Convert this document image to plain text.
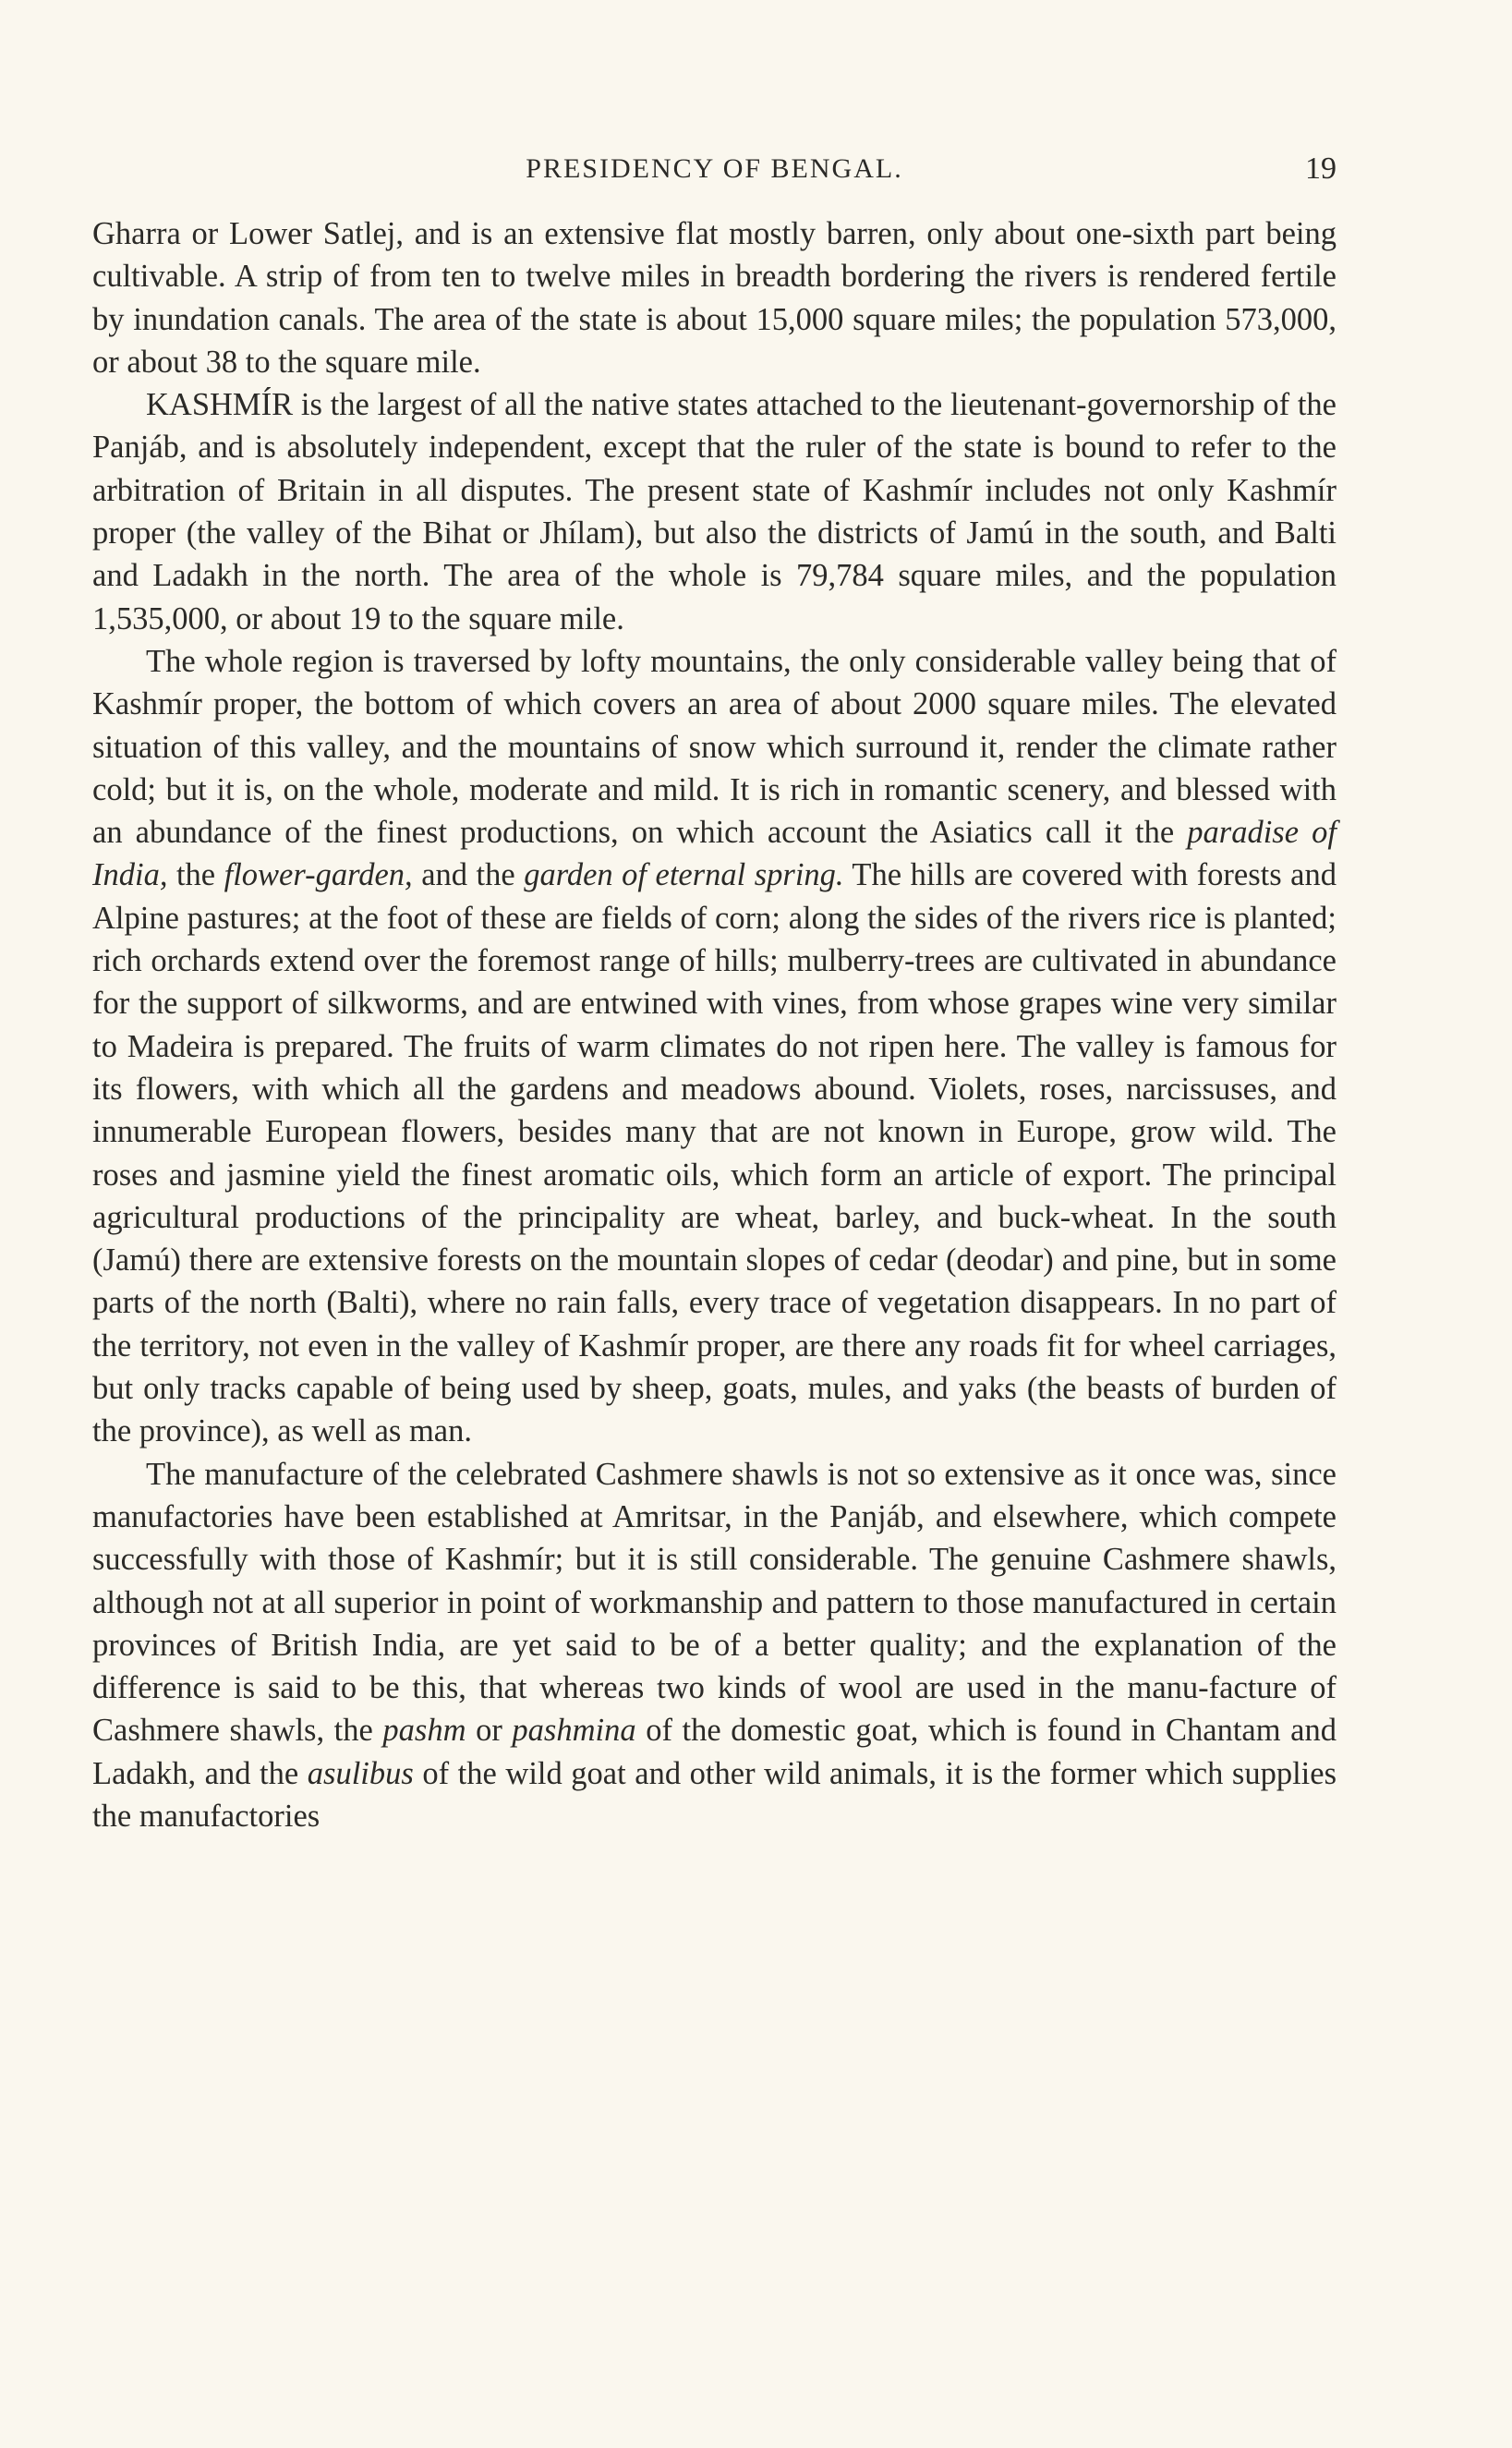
PRESIDENCY OF BENGAL.	19

Gharra or Lower Satlej, and is an extensive flat mostly barren, only about one-sixth part being cultivable. A strip of from ten to twelve miles in breadth bordering the rivers is rendered fertile by inundation canals. The area of the state is about 15,000 square miles; the population 573,000, or about 38 to the square mile.

KASHMÍR is the largest of all the native states attached to the lieutenant-governorship of the Panjáb, and is absolutely independent, except that the ruler of the state is bound to refer to the arbitration of Britain in all disputes. The present state of Kashmír includes not only Kashmír proper (the valley of the Bihat or Jhílam), but also the districts of Jamú in the south, and Balti and Ladakh in the north. The area of the whole is 79,784 square miles, and the population 1,535,000, or about 19 to the square mile.

The whole region is traversed by lofty mountains, the only considerable valley being that of Kashmír proper, the bottom of which covers an area of about 2000 square miles. The elevated situation of this valley, and the mountains of snow which surround it, render the climate rather cold; but it is, on the whole, moderate and mild. It is rich in romantic scenery, and blessed with an abundance of the finest productions, on which account the Asiatics call it the paradise of India, the flower-garden, and the garden of eternal spring. The hills are covered with forests and Alpine pastures; at the foot of these are fields of corn; along the sides of the rivers rice is planted; rich orchards extend over the foremost range of hills; mulberry-trees are cultivated in abundance for the support of silkworms, and are entwined with vines, from whose grapes wine very similar to Madeira is prepared. The fruits of warm climates do not ripen here. The valley is famous for its flowers, with which all the gardens and meadows abound. Violets, roses, narcissuses, and innumerable European flowers, besides many that are not known in Europe, grow wild. The roses and jasmine yield the finest aromatic oils, which form an article of export. The principal agricultural productions of the principality are wheat, barley, and buck-wheat. In the south (Jamú) there are extensive forests on the mountain slopes of cedar (deodar) and pine, but in some parts of the north (Balti), where no rain falls, every trace of vegetation disappears. In no part of the territory, not even in the valley of Kashmír proper, are there any roads fit for wheel carriages, but only tracks capable of being used by sheep, goats, mules, and yaks (the beasts of burden of the province), as well as man.

The manufacture of the celebrated Cashmere shawls is not so extensive as it once was, since manufactories have been established at Amritsar, in the Panjáb, and elsewhere, which compete successfully with those of Kashmír; but it is still considerable. The genuine Cashmere shawls, although not at all superior in point of workmanship and pattern to those manufactured in certain provinces of British India, are yet said to be of a better quality; and the explanation of the difference is said to be this, that whereas two kinds of wool are used in the manu-facture of Cashmere shawls, the pashm or pashmina of the domestic goat, which is found in Chantam and Ladakh, and the asulibus of the wild goat and other wild animals, it is the former which supplies the manufactories
